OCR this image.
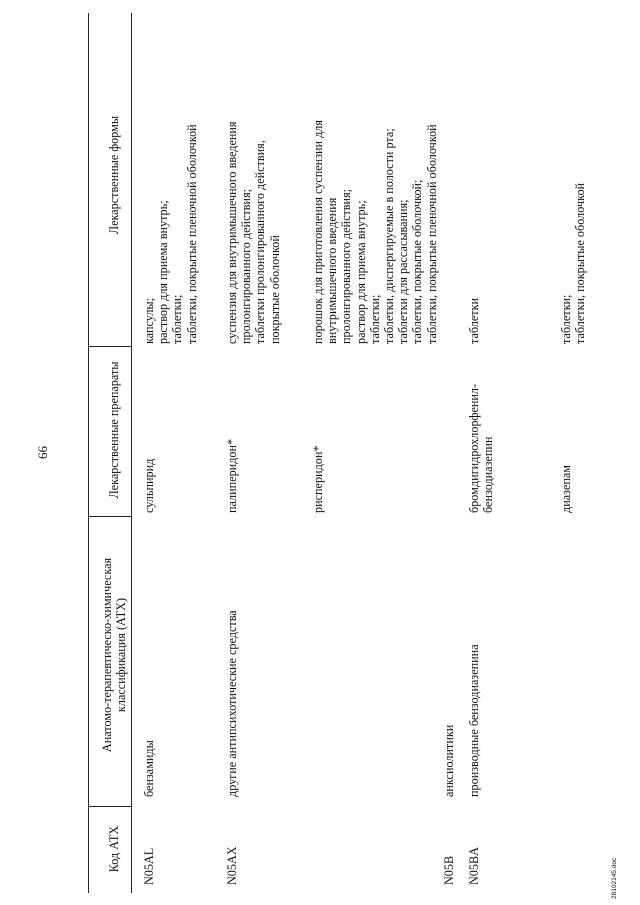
66
Код АТХ
Анатомо-терапевтическо-химическая классификация (АТХ)
Лекарственные препараты
Лекарственные формы
N05AL
бензамиды
сульпирид
капсулы; раствор для приема внутрь; таблетки; таблетки, покрытые пленочной оболочкой
N05AX
другие антипсихотические средства
палиперидон*
суспензия для внутримышечного введения пролонгированного действия; таблетки пролонгированного действия, покрытые оболочкой
рисперидон*
порошок для приготовления суспензии для внутримышечного введения пролонгированного действия; раствор для приема внутрь; таблетки; таблетки, диспергируемые в полости рта; таблетки для рассасывания; таблетки, покрытые оболочкой; таблетки, покрытые пленочной оболочкой
N05B
анксиолитики
N05BA
производные бензодиазепина
бромдигидрохлорфенил- бензодиазепин
таблетки
диазепам
таблетки; таблетки, покрытые оболочкой
28102145.doc
